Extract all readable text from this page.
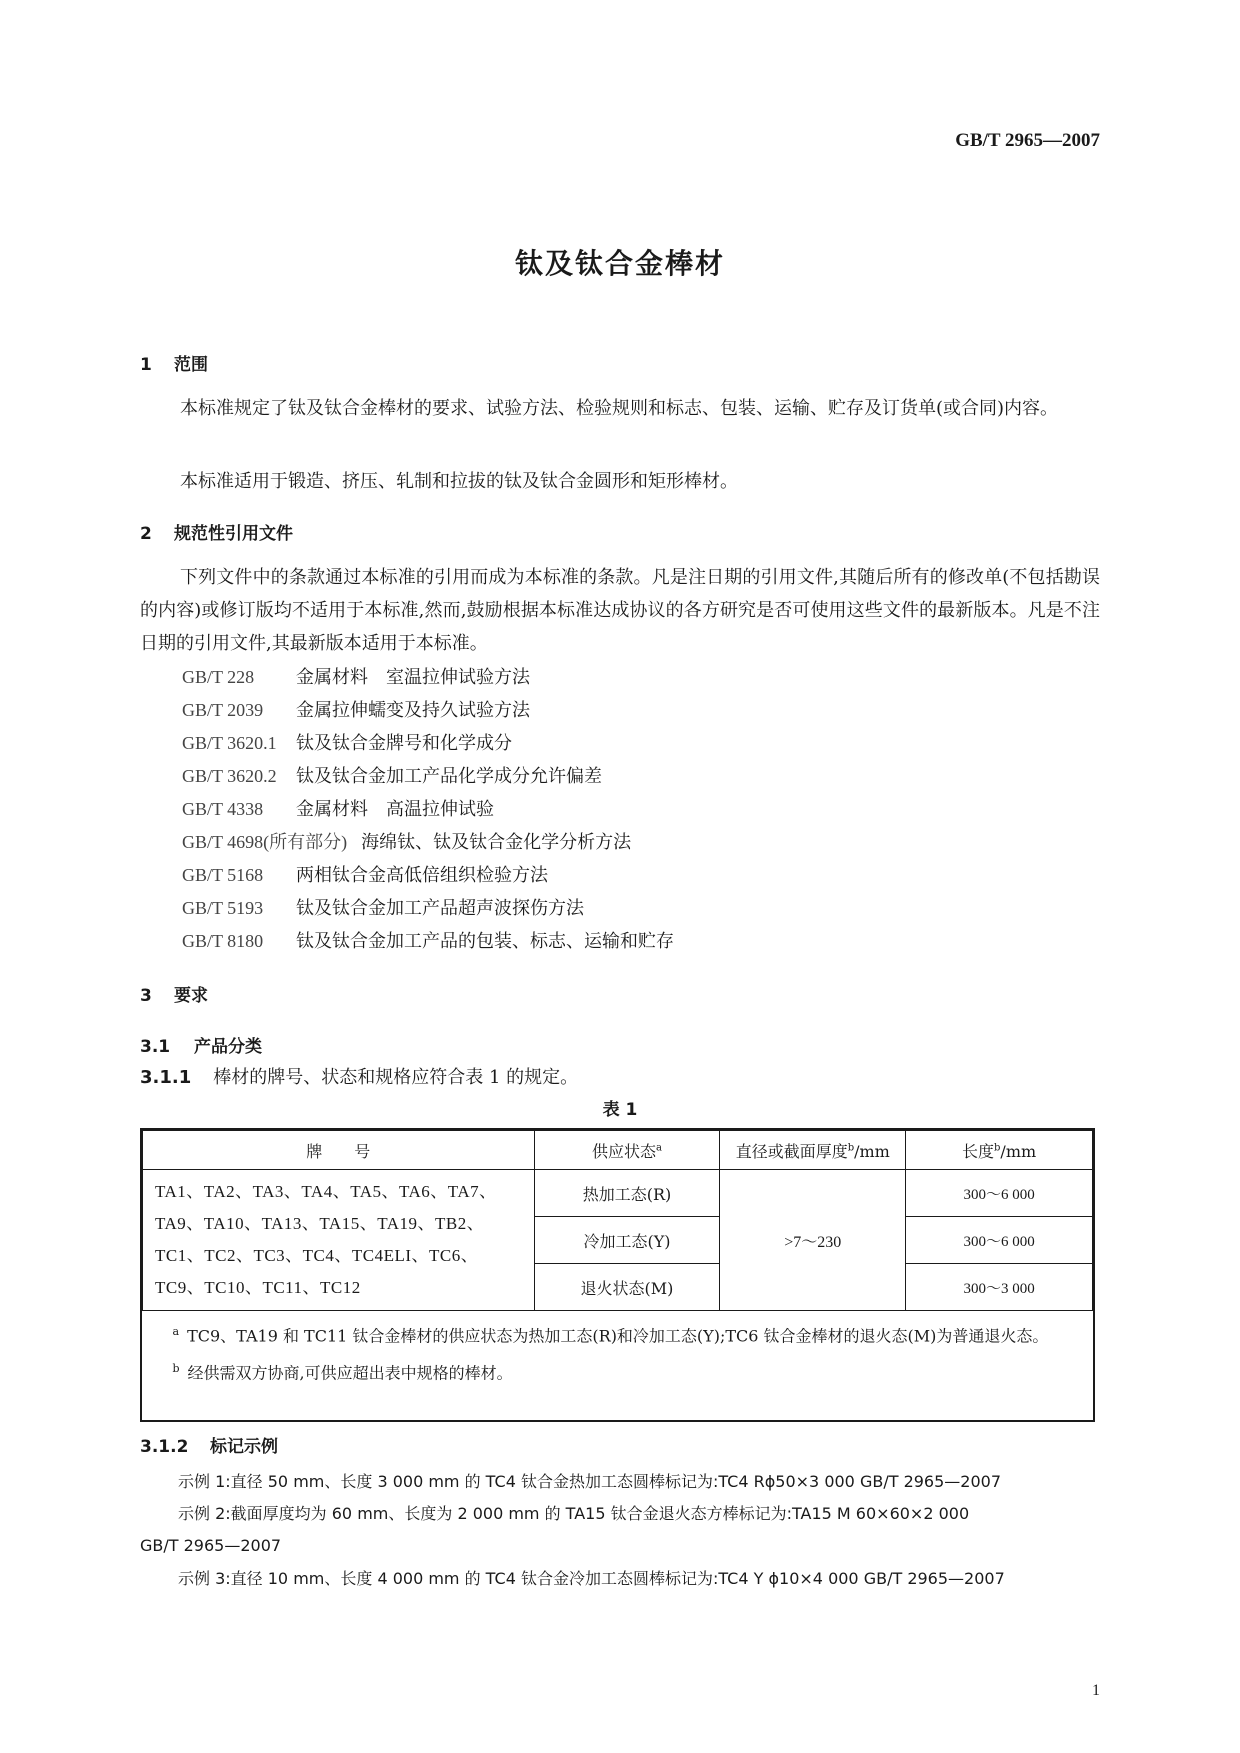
GB/T 2965—2007
钛及钛合金棒材
1 范围
本标准规定了钛及钛合金棒材的要求、试验方法、检验规则和标志、包装、运输、贮存及订货单(或合同)内容。
本标准适用于锻造、挤压、轧制和拉拔的钛及钛合金圆形和矩形棒材。
2 规范性引用文件
下列文件中的条款通过本标准的引用而成为本标准的条款。凡是注日期的引用文件,其随后所有的修改单(不包括勘误的内容)或修订版均不适用于本标准,然而,鼓励根据本标准达成协议的各方研究是否可使用这些文件的最新版本。凡是不注日期的引用文件,其最新版本适用于本标准。
GB/T 228 金属材料　室温拉伸试验方法
GB/T 2039 金属拉伸蠕变及持久试验方法
GB/T 3620.1 钛及钛合金牌号和化学成分
GB/T 3620.2 钛及钛合金加工产品化学成分允许偏差
GB/T 4338 金属材料　高温拉伸试验
GB/T 4698(所有部分) 海绵钛、钛及钛合金化学分析方法
GB/T 5168 两相钛合金高低倍组织检验方法
GB/T 5193 钛及钛合金加工产品超声波探伤方法
GB/T 8180 钛及钛合金加工产品的包装、标志、运输和贮存
3 要求
3.1 产品分类
3.1.1 棒材的牌号、状态和规格应符合表 1 的规定。
表 1
牌　　号	供应状态$^a$	直径或截面厚度$^b$/mm	长度$^b$/mm
TA1、TA2、TA3、TA4、TA5、TA6、TA7、TA9、TA10、TA13、TA15、TA19、TB2、TC1、TC2、TC3、TC4、TC4ELI、TC6、TC9、TC10、TC11、TC12	热加工态(R)	>7～230	300～6 000
	冷加工态(Y)		300～6 000
	退火状态(M)		300～3 000

$^a$ TC9、TA19 和 TC11 钛合金棒材的供应状态为热加工态(R)和冷加工态(Y);TC6 钛合金棒材的退火态(M)为普通退火态。
$^b$ 经供需双方协商,可供应超出表中规格的棒材。			
3.1.2 标记示例
示例 1:直径 50 mm、长度 3 000 mm 的 TC4 钛合金热加工态圆棒标记为:TC4 Rϕ50×3 000 GB/T 2965—2007
示例 2:截面厚度均为 60 mm、长度为 2 000 mm 的 TA15 钛合金退火态方棒标记为:TA15 M 60×60×2 000
GB/T 2965—2007
示例 3:直径 10 mm、长度 4 000 mm 的 TC4 钛合金冷加工态圆棒标记为:TC4 Y ϕ10×4 000 GB/T 2965—2007
1
